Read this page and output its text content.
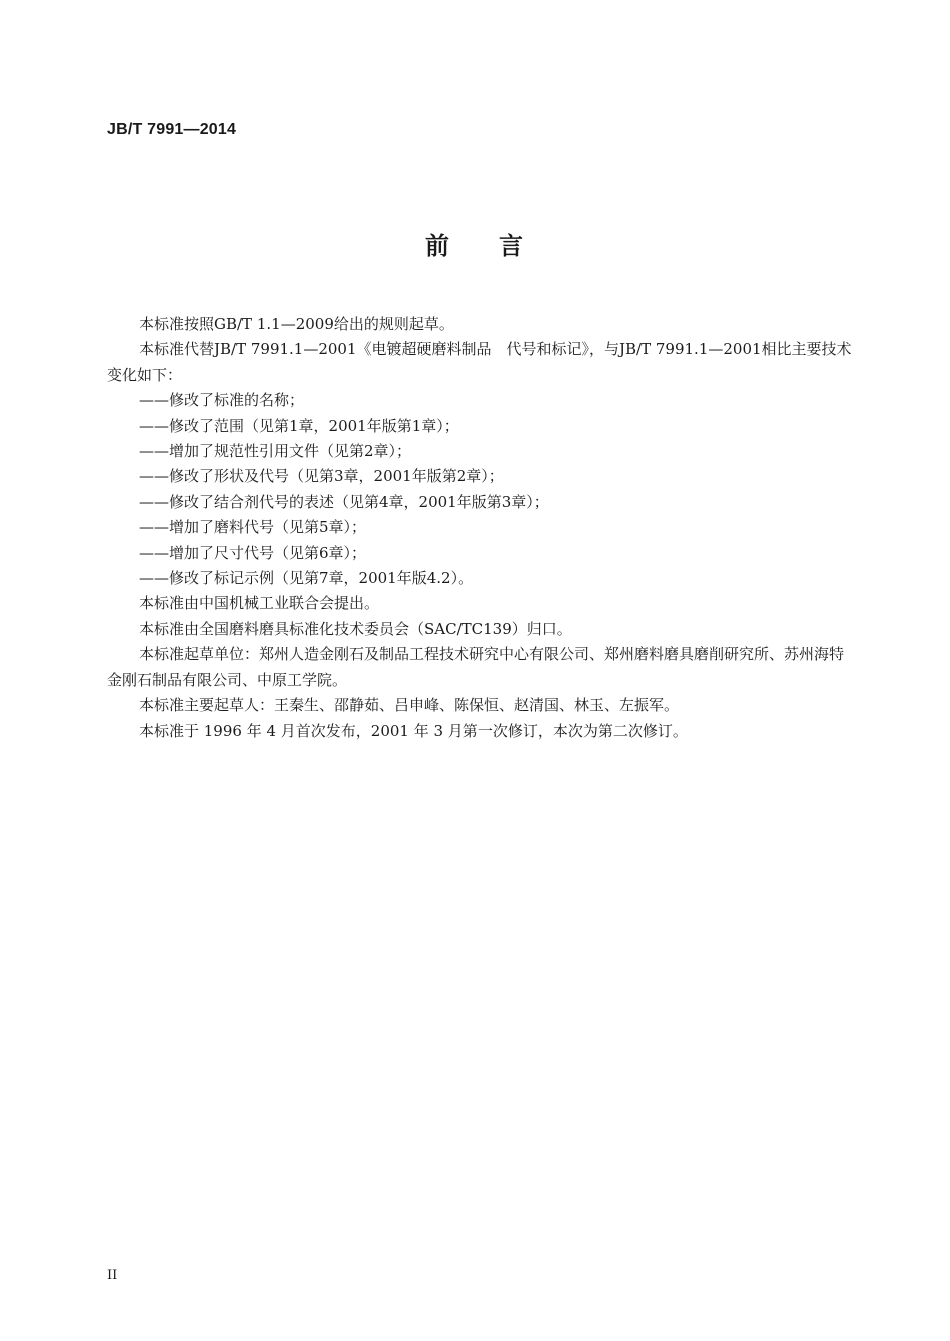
JB/T 7991—2014
前 言

本标准按照GB/T 1.1—2009给出的规则起草。

本标准代替JB/T 7991.1—2001《电镀超硬磨料制品　代号和标记》，与JB/T 7991.1—2001相比主要技术变化如下：

——修改了标准的名称；

——修改了范围（见第1章，2001年版第1章）；

——增加了规范性引用文件（见第2章）；

——修改了形状及代号（见第3章，2001年版第2章）；

——修改了结合剂代号的表述（见第4章，2001年版第3章）；

——增加了磨料代号（见第5章）；

——增加了尺寸代号（见第6章）；

——修改了标记示例（见第7章，2001年版4.2）。

本标准由中国机械工业联合会提出。

本标准由全国磨料磨具标准化技术委员会（SAC/TC139）归口。

本标准起草单位：郑州人造金刚石及制品工程技术研究中心有限公司、郑州磨料磨具磨削研究所、苏州海特金刚石制品有限公司、中原工学院。

本标准主要起草人：王秦生、邵静茹、吕申峰、陈保恒、赵清国、林玉、左振军。

本标准于 1996 年 4 月首次发布，2001 年 3 月第一次修订，本次为第二次修订。

II
